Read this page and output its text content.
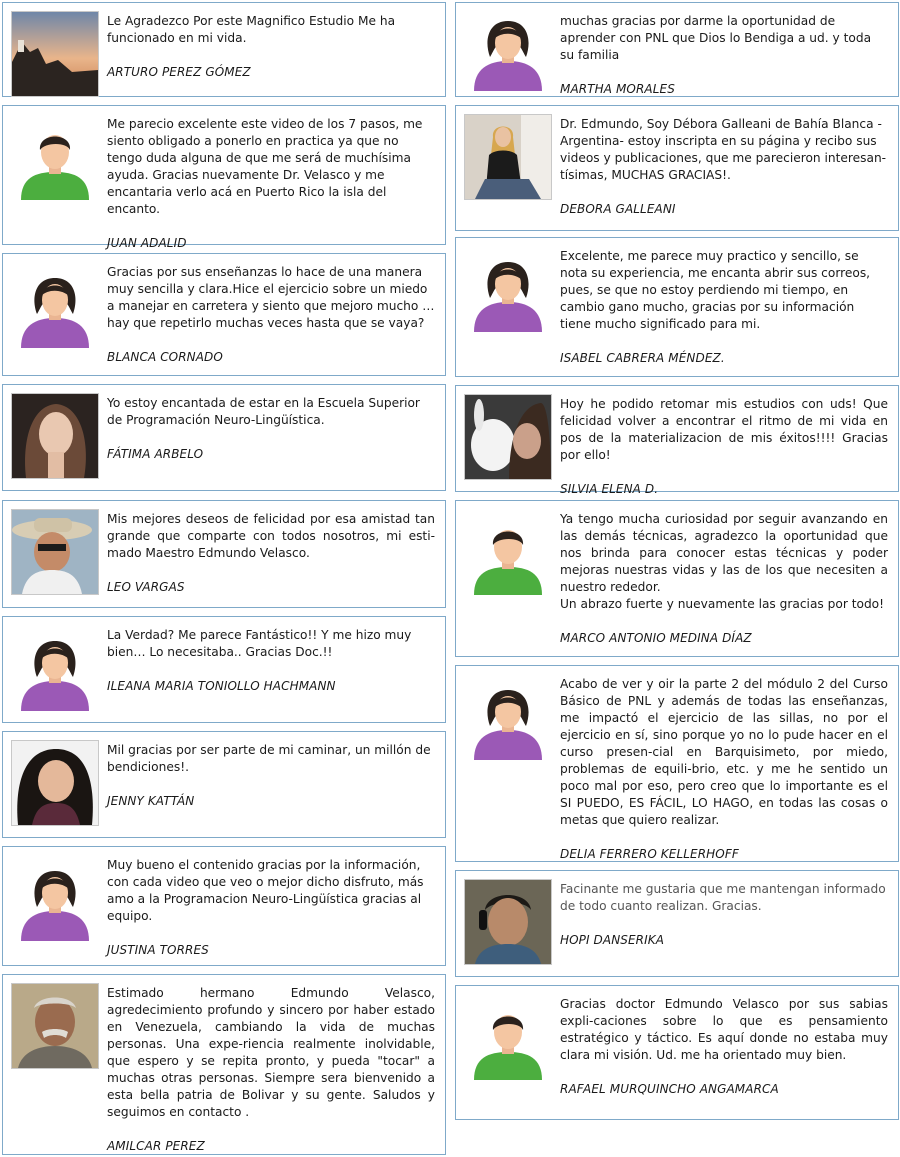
Le Agradezco Por este Magnifico Estudio Me ha funcionado en mi vida.

ARTURO PEREZ GÓMEZ

Me parecio excelente este video de los 7 pasos, me siento obligado a ponerlo en practica ya que no tengo duda alguna de que me será de muchísima ayuda. Gracias nuevamente Dr. Velasco y me encantaria verlo acá en Puerto Rico la isla del encanto.

JUAN ADALID

Gracias por sus enseñanzas lo hace de una manera muy sencilla y clara.Hice el ejercicio sobre un miedo a manejar en carretera y siento que mejoro mucho …hay que repetirlo muchas veces hasta que se vaya?

BLANCA CORNADO

Yo estoy encantada de estar en la Escuela Superior de Programación Neuro-Lingüística.

FÁTIMA ARBELO

Mis mejores deseos de felicidad por esa amistad tan grande que comparte con todos nosotros, mi esti-mado Maestro Edmundo Velasco.

LEO VARGAS

La Verdad? Me parece Fantástico!! Y me hizo muy bien… Lo necesitaba.. Gracias Doc.!!

ILEANA MARIA TONIOLLO HACHMANN

Mil gracias por ser parte de mi caminar, un millón de bendiciones!.

JENNY KATTÁN

Muy bueno el contenido gracias por la información, con cada video que veo o mejor dicho disfruto, más amo a la Programacion Neuro-Lingüística gracias al equipo.

JUSTINA TORRES

Estimado hermano Edmundo Velasco, agredecimiento profundo y sincero por haber estado en Venezuela, cambiando la vida de muchas personas. Una expe-riencia realmente inolvidable, que espero y se repita pronto, y pueda "tocar" a muchas otras personas. Siempre sera bienvenido a esta bella patria de Bolivar y su gente. Saludos y seguimos en contacto .

AMILCAR PEREZ

muchas gracias por darme la oportunidad de aprender con PNL que Dios lo Bendiga a ud. y toda su familia

MARTHA MORALES

Dr. Edmundo, Soy Débora Galleani de Bahía Blanca - Argentina- estoy inscripta en su página y recibo sus videos y publicaciones, que me parecieron interesan-tísimas, MUCHAS GRACIAS!.

DEBORA GALLEANI

Excelente, me parece muy practico y sencillo, se nota su experiencia, me encanta abrir sus correos, pues, se que no estoy perdiendo mi tiempo, en cambio gano mucho, gracias por su información tiene mucho significado para mi.

ISABEL CABRERA MÉNDEZ.

Hoy he podido retomar mis estudios con uds! Que felicidad volver a encontrar el ritmo de mi vida en pos de la materializacion de mis éxitos!!!! Gracias por ello!

SILVIA ELENA D.

Ya tengo mucha curiosidad por seguir avanzando en las demás técnicas, agradezco la oportunidad que nos brinda para conocer estas técnicas y poder mejoras nuestras vidas y las de los que necesiten a nuestro rededor.
Un abrazo fuerte y nuevamente las gracias por todo!

MARCO ANTONIO MEDINA DÍAZ

Acabo de ver y oir la parte 2 del módulo 2 del Curso Básico de PNL y además de todas las enseñanzas, me impactó el ejercicio de las sillas, no por el ejercicio en sí, sino porque yo no lo pude hacer en el curso presen-cial en Barquisimeto, por miedo, problemas de equili-brio, etc. y me he sentido un poco mal por eso, pero creo que lo importante es el SI PUEDO, ES FÁCIL, LO HAGO, en todas las cosas o metas que quiero realizar.

DELIA FERRERO KELLERHOFF

Facinante me gustaria que me mantengan informado de todo cuanto realizan. Gracias.

HOPI DANSERIKA

Gracias doctor Edmundo Velasco por sus sabias expli-caciones sobre lo que es pensamiento estratégico y táctico. Es aquí donde no estaba muy clara mi visión. Ud. me ha orientado muy bien.

RAFAEL MURQUINCHO ANGAMARCA
